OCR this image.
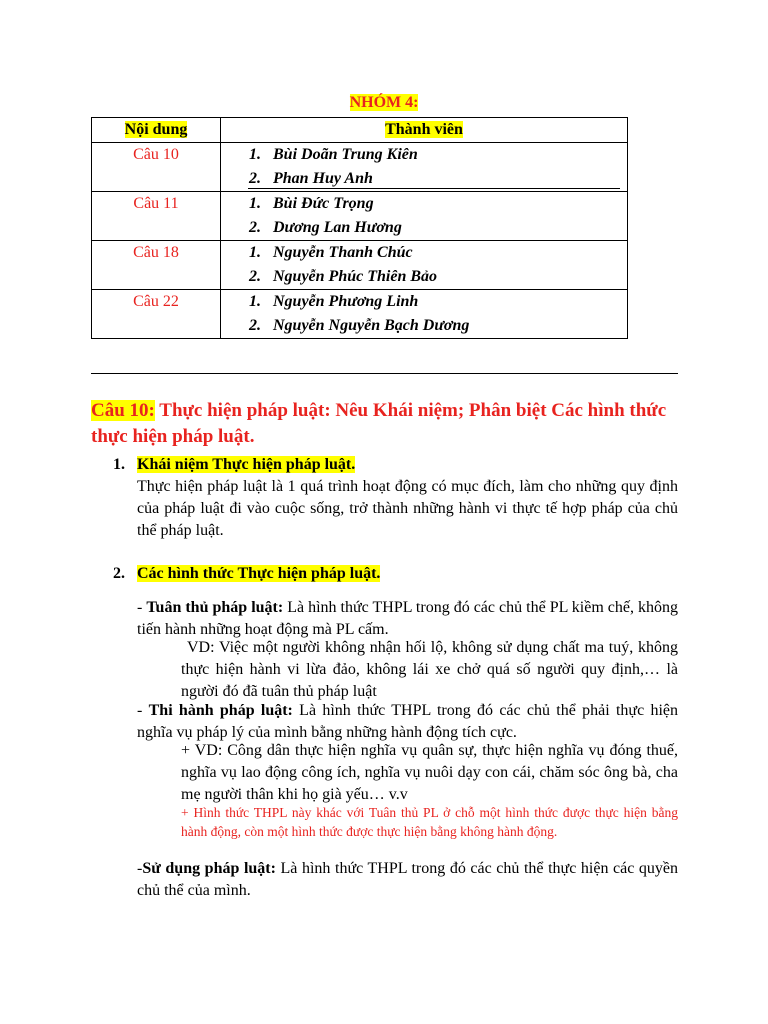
NHÓM 4:
Nội dung	Thành viên
Câu 10	1. Bùi Doãn Trung Kiên
2. Phan Huy Anh

Câu 11	1. Bùi Đức Trọng
2. Dương Lan Hương

Câu 18	1. Nguyễn Thanh Chúc
2. Nguyễn Phúc Thiên Bảo

Câu 22	1. Nguyễn Phương Linh
2. Nguyễn Nguyễn Bạch Dương
Câu 10: Thực hiện pháp luật: Nêu Khái niệm; Phân biệt Các hình thức thực hiện pháp luật.
1. Khái niệm Thực hiện pháp luật.
Thực hiện pháp luật là 1 quá trình hoạt động có mục đích, làm cho những quy định của pháp luật đi vào cuộc sống, trở thành những hành vi thực tế hợp pháp của chủ thể pháp luật.
2. Các hình thức Thực hiện pháp luật.
- Tuân thủ pháp luật: Là hình thức THPL trong đó các chủ thể PL kiềm chế, không tiến hành những hoạt động mà PL cấm.
VD: Việc một người không nhận hối lộ, không sử dụng chất ma tuý, không thực hiện hành vi lừa đảo, không lái xe chở quá số người quy định,… là người đó đã tuân thủ pháp luật
- Thi hành pháp luật: Là hình thức THPL trong đó các chủ thể phải thực hiện nghĩa vụ pháp lý của mình bằng những hành động tích cực.
+ VD: Công dân thực hiện nghĩa vụ quân sự, thực hiện nghĩa vụ đóng thuế, nghĩa vụ lao động công ích, nghĩa vụ nuôi dạy con cái, chăm sóc ông bà, cha mẹ người thân khi họ già yếu… v.v
+ Hình thức THPL này khác với Tuân thủ PL ở chỗ một hình thức được thực hiện bằng hành động, còn một hình thức được thực hiện bằng không hành động.
-Sử dụng pháp luật: Là hình thức THPL trong đó các chủ thể thực hiện các quyền chủ thể của mình.
